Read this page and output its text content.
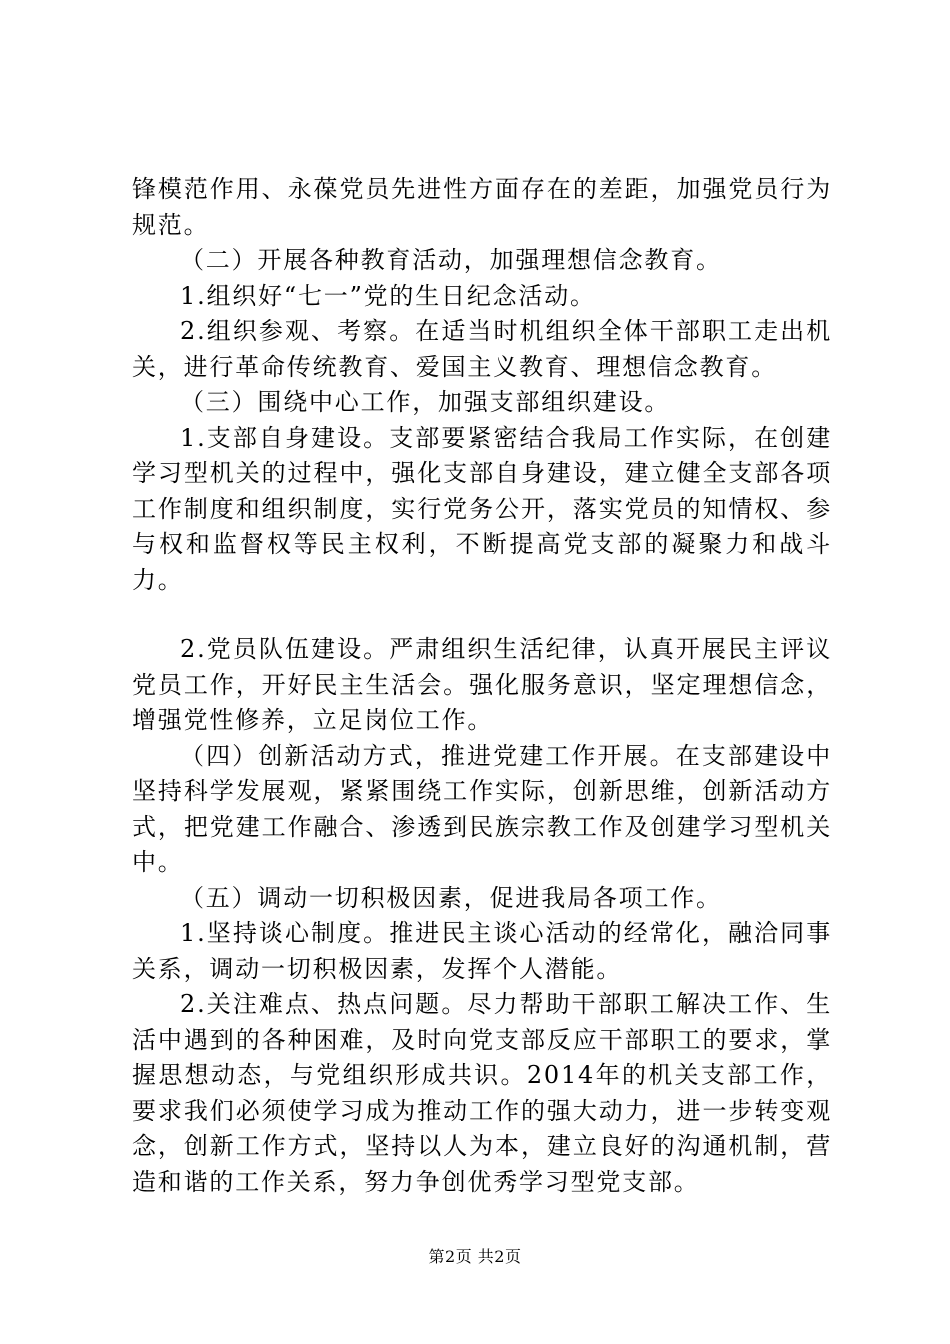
锋模范作用、永葆党员先进性方面存在的差距，加强党员行为规范。

（二）开展各种教育活动，加强理想信念教育。

1.组织好“七一”党的生日纪念活动。

2.组织参观、考察。在适当时机组织全体干部职工走出机关，进行革命传统教育、爱国主义教育、理想信念教育。

（三）围绕中心工作，加强支部组织建设。

1.支部自身建设。支部要紧密结合我局工作实际，在创建学习型机关的过程中，强化支部自身建设，建立健全支部各项工作制度和组织制度，实行党务公开，落实党员的知情权、参与权和监督权等民主权利，不断提高党支部的凝聚力和战斗力。

2.党员队伍建设。严肃组织生活纪律，认真开展民主评议党员工作，开好民主生活会。强化服务意识，坚定理想信念，增强党性修养，立足岗位工作。

（四）创新活动方式，推进党建工作开展。在支部建设中坚持科学发展观，紧紧围绕工作实际，创新思维，创新活动方式，把党建工作融合、渗透到民族宗教工作及创建学习型机关中。

（五）调动一切积极因素，促进我局各项工作。

1.坚持谈心制度。推进民主谈心活动的经常化，融洽同事关系，调动一切积极因素，发挥个人潜能。

2.关注难点、热点问题。尽力帮助干部职工解决工作、生活中遇到的各种困难，及时向党支部反应干部职工的要求，掌握思想动态，与党组织形成共识。2014年的机关支部工作，要求我们必须使学习成为推动工作的强大动力，进一步转变观念，创新工作方式，坚持以人为本，建立良好的沟通机制，营造和谐的工作关系，努力争创优秀学习型党支部。

第2页 共2页
